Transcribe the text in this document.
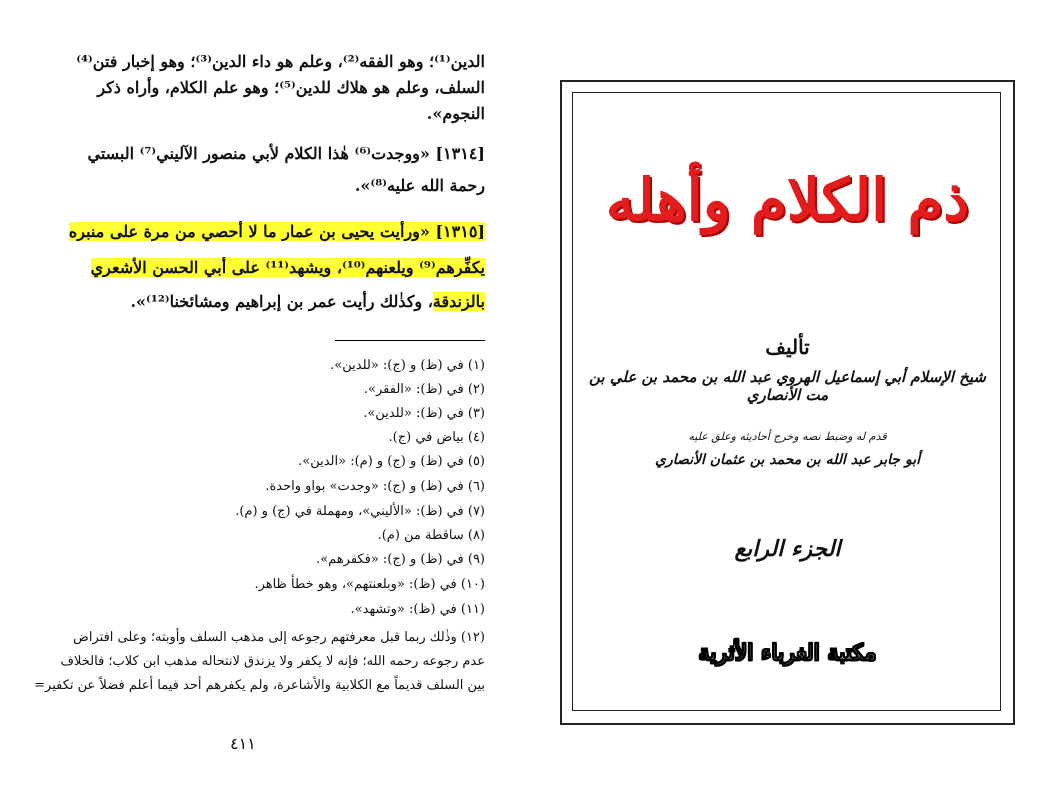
الدين⁽¹⁾؛ وهو الفقه⁽²⁾، وعلم هو داء الدين⁽³⁾؛ وهو إخبار فتن⁽⁴⁾
السلف، وعلم هو هلاك للدين⁽⁵⁾؛ وهو علم الكلام، وأراه ذكر
النجوم».
[١٣١٤] «ووجدت⁽⁶⁾ هٰذا الكلام لأبي منصور الآليني⁽⁷⁾ البستي
رحمة الله عليه⁽⁸⁾».
[١٣١٥] «ورأيت يحيى بن عمار ما لا أحصي من مرة على منبره
يكفِّرهم⁽⁹⁾ ويلعنهم⁽¹⁰⁾، ويشهد⁽¹¹⁾ على أبي الحسن الأشعري
بالزندقة، وكذٰلك رأيت عمر بن إبراهيم ومشائخنا⁽¹²⁾».
(١) في (ظ) و (ج): «للدين».
(٢) في (ظ): «الفقر».
(٣) في (ظ): «للدين».
(٤) بياض في (ج).
(٥) في (ظ) و (ج) و (م): «الدين».
(٦) في (ظ) و (ج): «وجدت» بواو واحدة.
(٧) في (ظ): «الأليني»، ومهملة في (ج) و (م).
(٨) ساقطة من (م).
(٩) في (ظ) و (ج): «فكفرهم».
(١٠) في (ظ): «وبلعنتهم»، وهو خطأ ظاهر.
(١١) في (ظ): «وتشهد».
(١٢) وذٰلك ربما قبل معرفتهم رجوعه إلى مذهب السلف وأوبته؛ وعلى افتراض
عدم رجوعه رحمه الله؛ فإنه لا يكفر ولا يزندق لانتحاله مذهب ابن كلاب؛ فالخلاف
بين السلف قديماً مع الكلابية والأشاعرة، ولم يكفرهم أحد فيما أعلم فضلاً عن تكفير=
٤١١
ذم الكلام وأهله
تأليف
شيخ الإسلام أبي إسماعيل الهروي عبد الله بن محمد بن علي بن مت الأنصاري
قدم له وضبط نصه وخرج أحاديثه وعلق عليه
أبو جابر عبد الله بن محمد بن عثمان الأنصاري
الجزء الرابع
مكتبة الغرباء الأثرية
